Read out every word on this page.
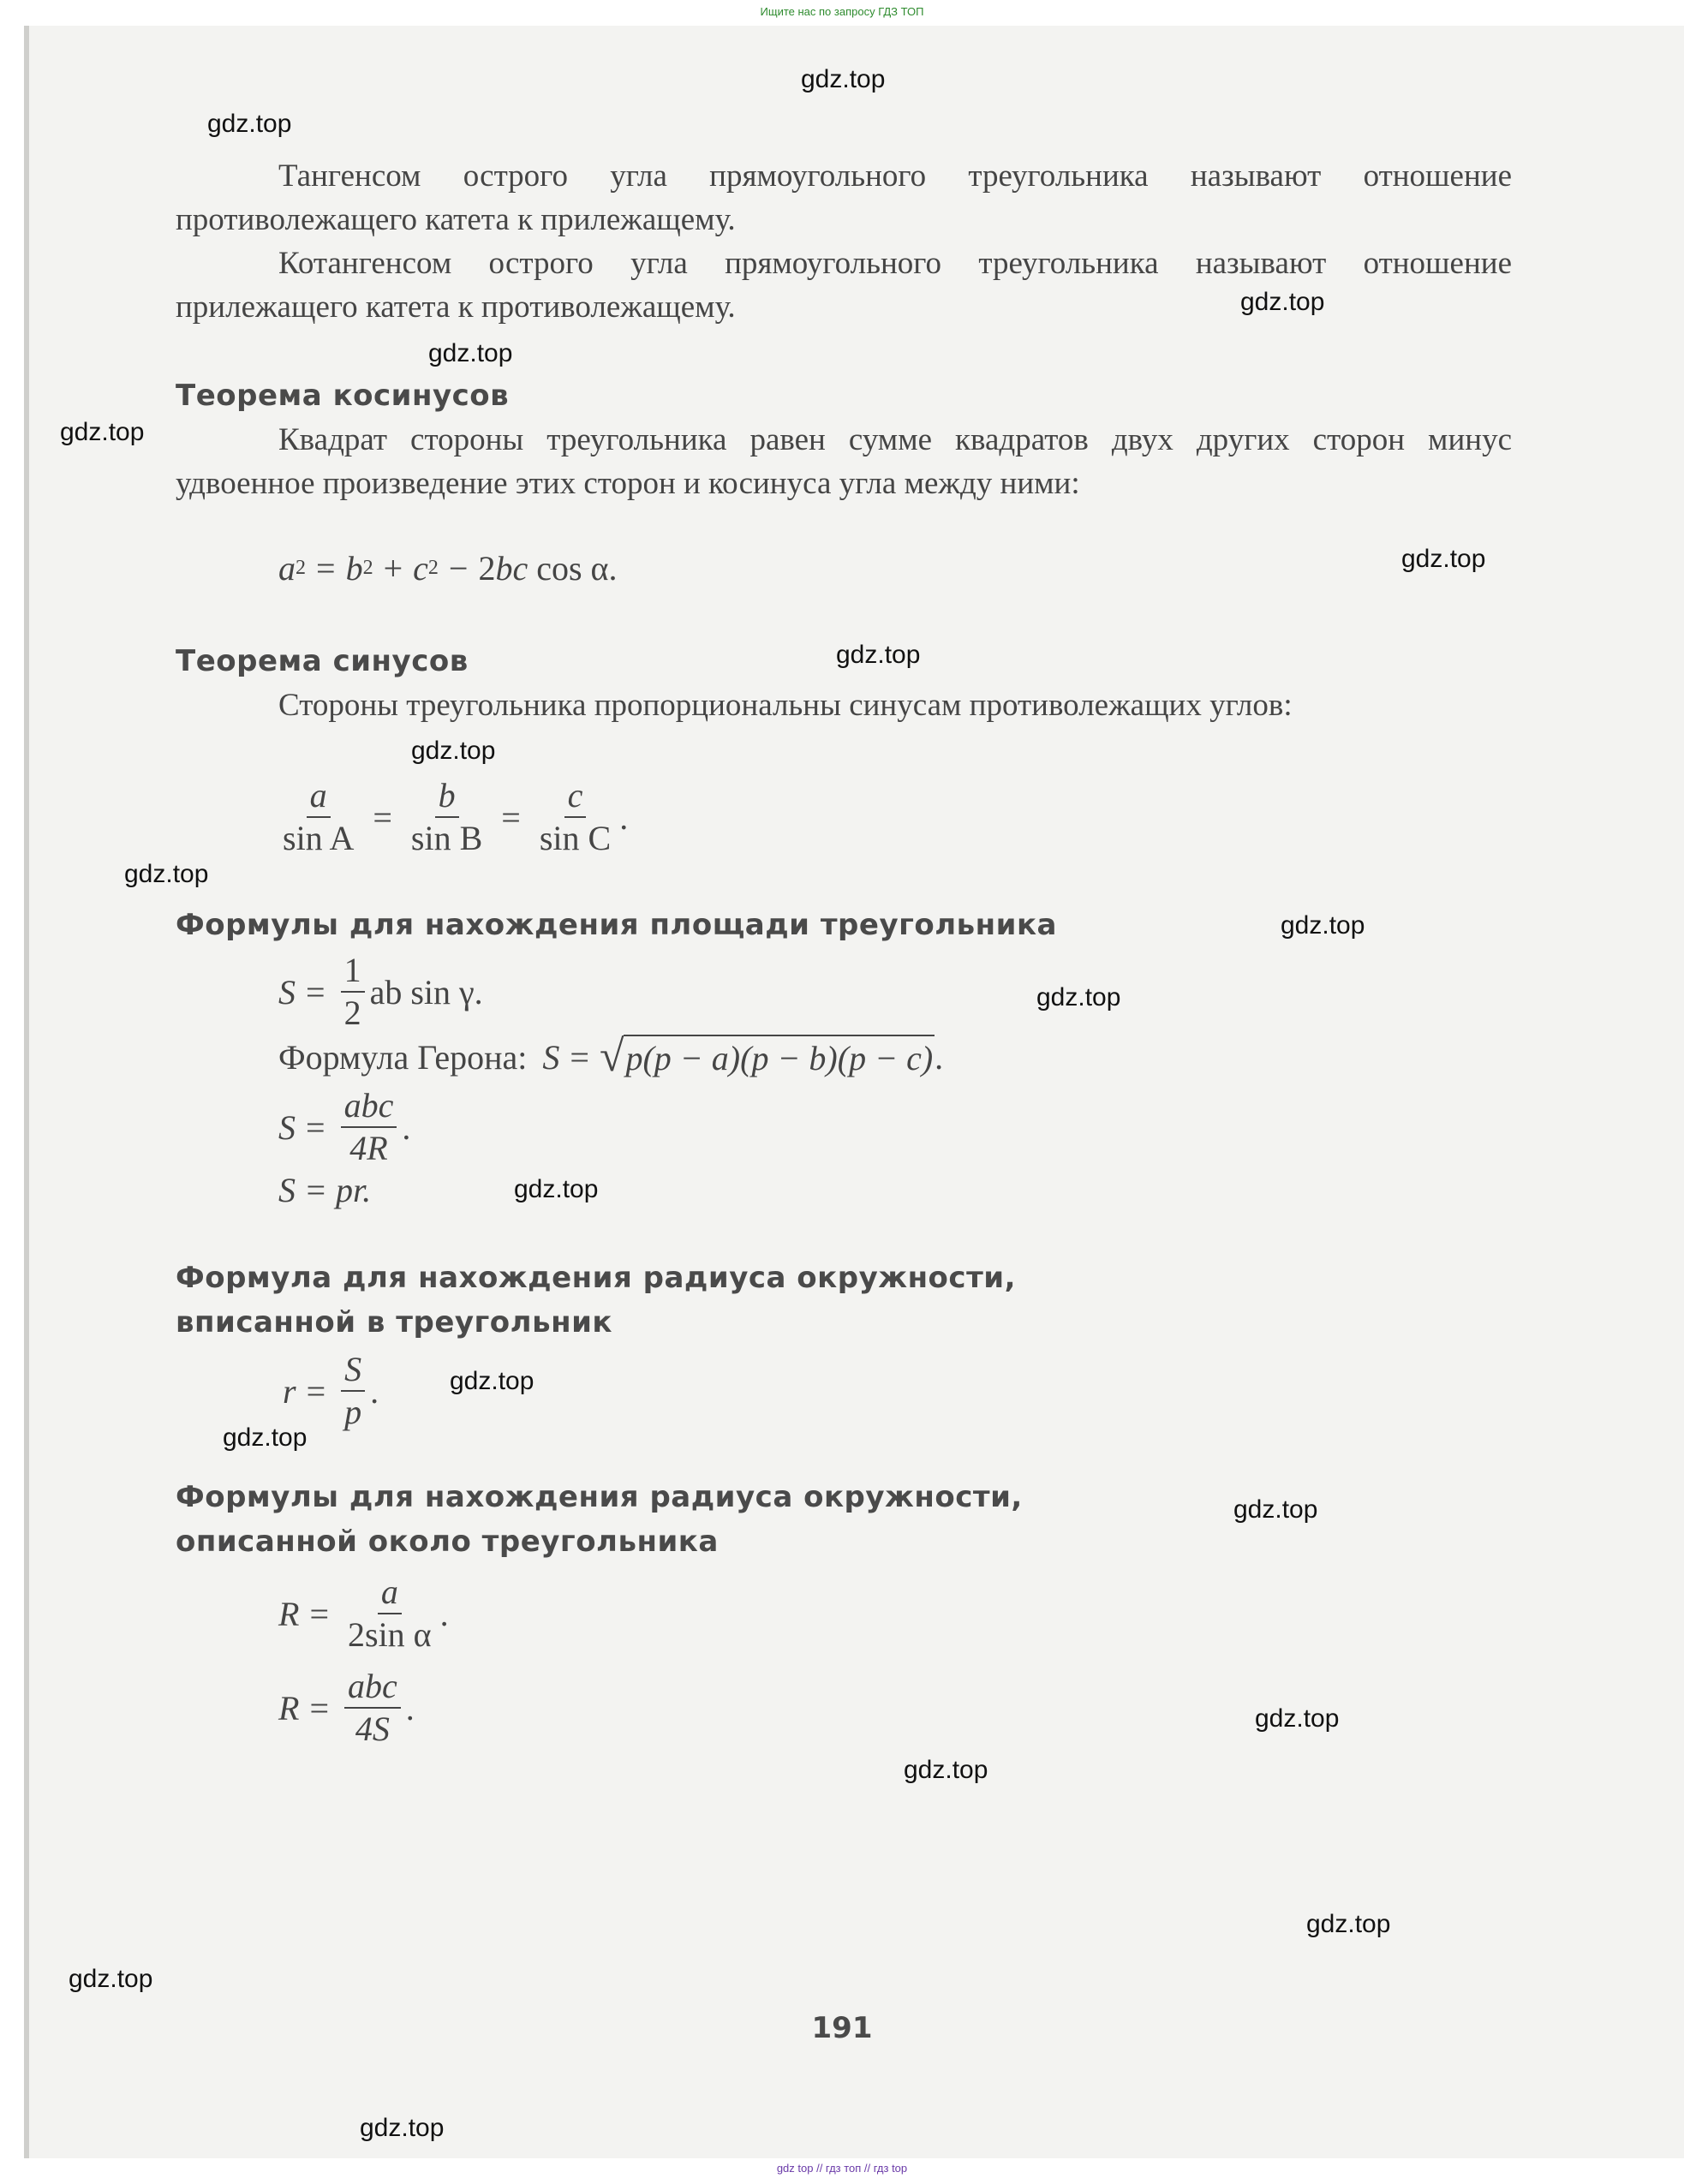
Ищите нас по запросу ГДЗ ТОП
gdz.top
gdz.top
gdz.top
gdz.top
gdz.top
gdz.top
gdz.top
gdz.top
gdz.top
gdz.top
gdz.top
gdz.top
gdz.top
gdz.top
gdz.top
gdz.top
gdz.top
gdz.top
gdz.top
gdz.top
Тангенсом острого угла прямоугольного треугольника называют отношение противолежащего катета к прилежащему.
Котангенсом острого угла прямоугольного треугольника называют отношение прилежащего катета к противолежащему.
Теорема косинусов
Квадрат стороны треугольника равен сумме квадратов двух других сторон минус удвоенное произведение этих сторон и косинуса угла между ними:
a 2 = b 2 + c 2 − 2 bc
cos
α.
Теорема синусов
Стороны треугольника пропорциональны синусам противолежащих углов:
$\frac{a}{\text{sin A}} = \frac{b}{\text{sin B}} = \frac{c}{\text{sin C}}$ .
Формулы для нахождения площади треугольника
$S = \frac{1}{2}$ ab sin γ.
Формула Герона: S = √ p(p − a)(p − b)(p − c) .
$S = \frac{\text{abc}}{4R}$ .
S = pr.
Формула для нахождения радиуса окружности,
вписанной в треугольник
$r = \frac{S}{p}$ .
Формулы для нахождения радиуса окружности,
описанной около треугольника
$R = \frac{a}{\text{2sin α}}$ .
$R = \frac{\text{abc}}{4S}$ .
191
gdz top // гдз топ // гдз top
